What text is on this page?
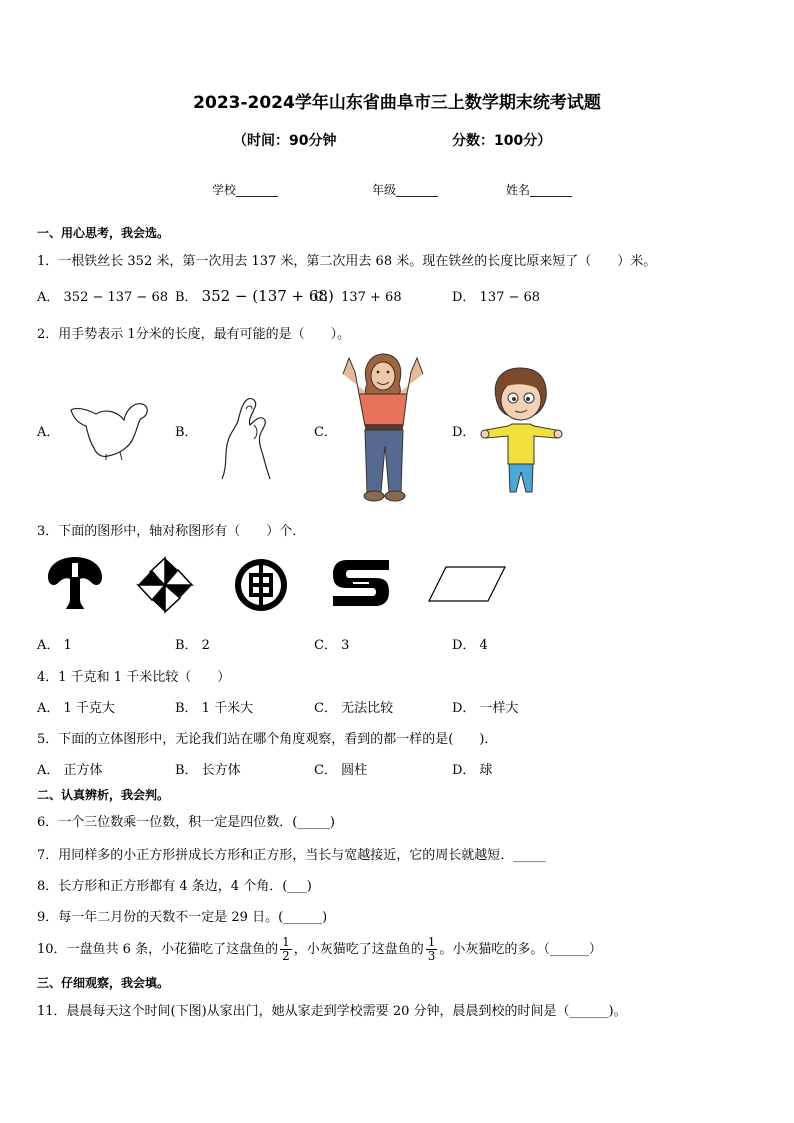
2023-2024学年山东省曲阜市三上数学期末统考试题
（时间：90分钟	分数：100分）
学校_______	年级_______	姓名_______
一、用心思考，我会选。
1．一根铁丝长 352 米，第一次用去 137 米，第二次用去 68 米。现在铁丝的长度比原来短了（　　）米。
A． 352 − 137 − 68 B． 352 − (137 + 68)
C． 137 + 68	D． 137 − 68
2．用手势表示 1分米的长度，最有可能的是（　　）。
A．	B．	C．	D．
3．下面的图形中，轴对称图形有（　　）个．
A． 1	B． 2	C． 3	D． 4
4．1 千克和 1 千米比较（　　）
A． 1 千克大	B． 1 千米大	C． 无法比较	D． 一样大
5．下面的立体图形中，无论我们站在哪个角度观察，看到的都一样的是(　　)．
A． 正方体	B． 长方体	C． 圆柱	D． 球
二、认真辨析，我会判。
6．一个三位数乘一位数，积一定是四位数．(_____)
7．用同样多的小正方形拼成长方形和正方形，当长与宽越接近，它的周长就越短．_____
8．长方形和正方形都有 4 条边，4 个角．(___)
9．每一年二月份的天数不一定是 29 日。(______)
10．一盘鱼共 6 条，小花猫吃了这盘鱼的 $\frac{1}{2}$ ，小灰猫吃了这盘鱼的 $\frac{1}{3}$ 。小灰猫吃的多。（______）
三、仔细观察，我会填。
11．晨晨每天这个时间(下图)从家出门，她从家走到学校需要 20 分钟，晨晨到校的时间是（______)。
